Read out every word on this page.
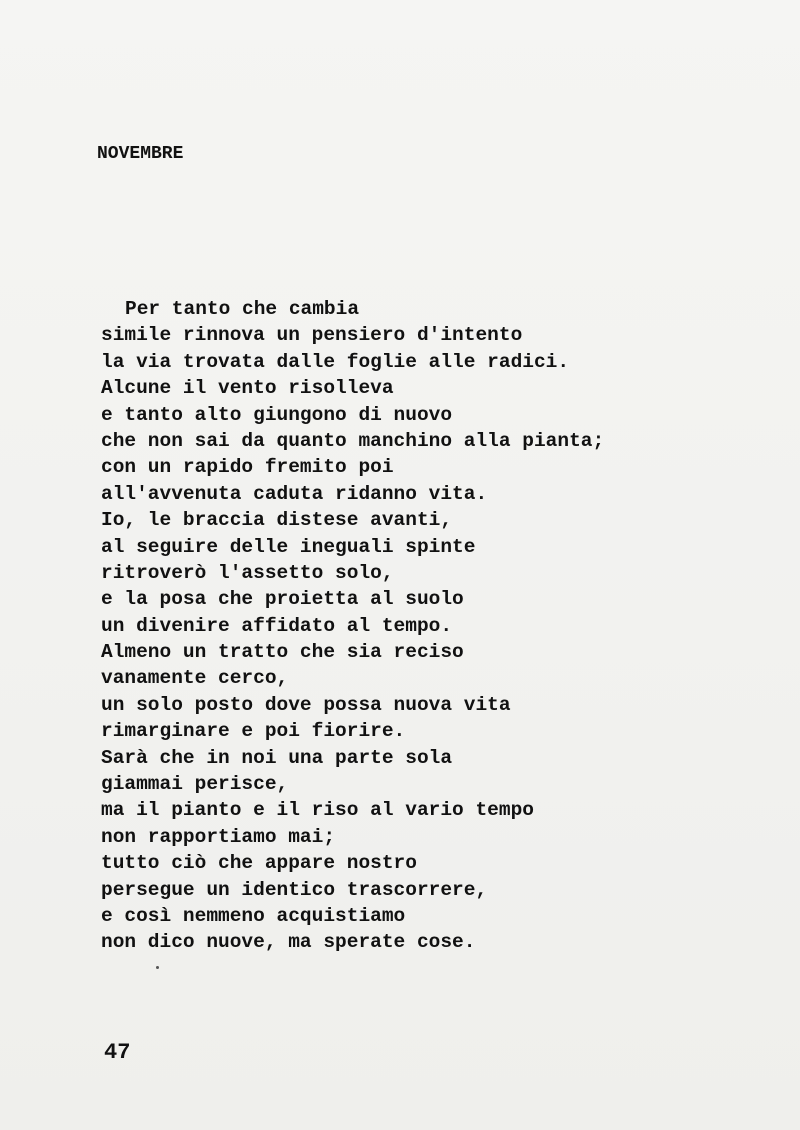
NOVEMBRE
Per tanto che cambia
simile rinnova un pensiero d'intento
la via trovata dalle foglie alle radici.
Alcune il vento risolleva
e tanto alto giungono di nuovo
che non sai da quanto manchino alla pianta;
con un rapido fremito poi
all'avvenuta caduta ridanno vita.
Io, le braccia distese avanti,
al seguire delle ineguali spinte
ritroverò l'assetto solo,
e la posa che proietta al suolo
un divenire affidato al tempo.
Almeno un tratto che sia reciso
vanamente cerco,
un solo posto dove possa nuova vita
rimarginare e poi fiorire.
Sarà che in noi una parte sola
giammai perisce,
ma il pianto e il riso al vario tempo
non rapportiamo mai;
tutto ciò che appare nostro
persegue un identico trascorrere,
e così nemmeno acquistiamo
non dico nuove, ma sperate cose.
47
